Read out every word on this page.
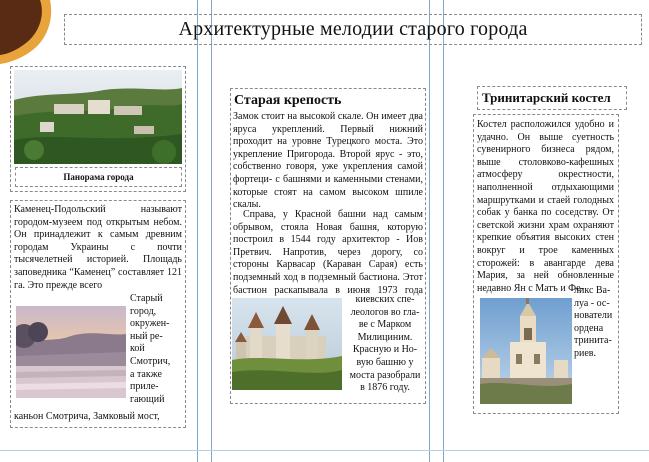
Архитектурные мелодии старого города
Панорама города
Каменец-Подольский называют городом-музеем под открытым небом. Он принадлежит к самым древним городам Украины с почти тысячелетней историей. Площадь заповедника “Каменец” составляет 121 га. Это прежде всего
Старый
город,
окружен-
ный ре-
кой
Смотрич,
а также
приле-
гающий
каньон Смотрича, Замковый мост,
Старая крепость
Замок стоит на высокой скале. Он имеет два яруса укреплений. Первый нижний проходит на уровне Турецкого моста. Это укрепление Пригорода. Второй ярус - это, собственно говоря, уже укрепления самой фортеци- с башнями и каменными стенами, которые стоят на самом высоком шпиле скалы.
Справа, у Красной башни над самым обрывом, стояла Новая башня, которую построил в 1544 году архитектор - Иов Претвич. Напротив, через дорогу, со стороны Карвасар (Караван Сарая) есть подземный ход в подземный бастиона. Этот бастион раскапывала в июня 1973 года
киевских спе-
леологов во гла-
ве с Марком
Милициним.
Красную и Но-
вую башню у
моста разобрали
в 1876 году.
Тринитарский костел
Костел расположился удобно и удачно. Он выше суетность сувенирного бизнеса рядом, выше столовково-кафешных атмосферу окрестности, наполненной отдыхающими маршрутками и стаей голодных собак у банка по соседству. От светской жизни храм охраняют крепкие объятия высоких стен вокруг и трое каменных сторожей: в авангарде дева Мария, за ней обновленные недавно Ян с Матъ и Фе-
ликс Ва-
луа - ос-
нователи
ордена
тринита-
риев.
